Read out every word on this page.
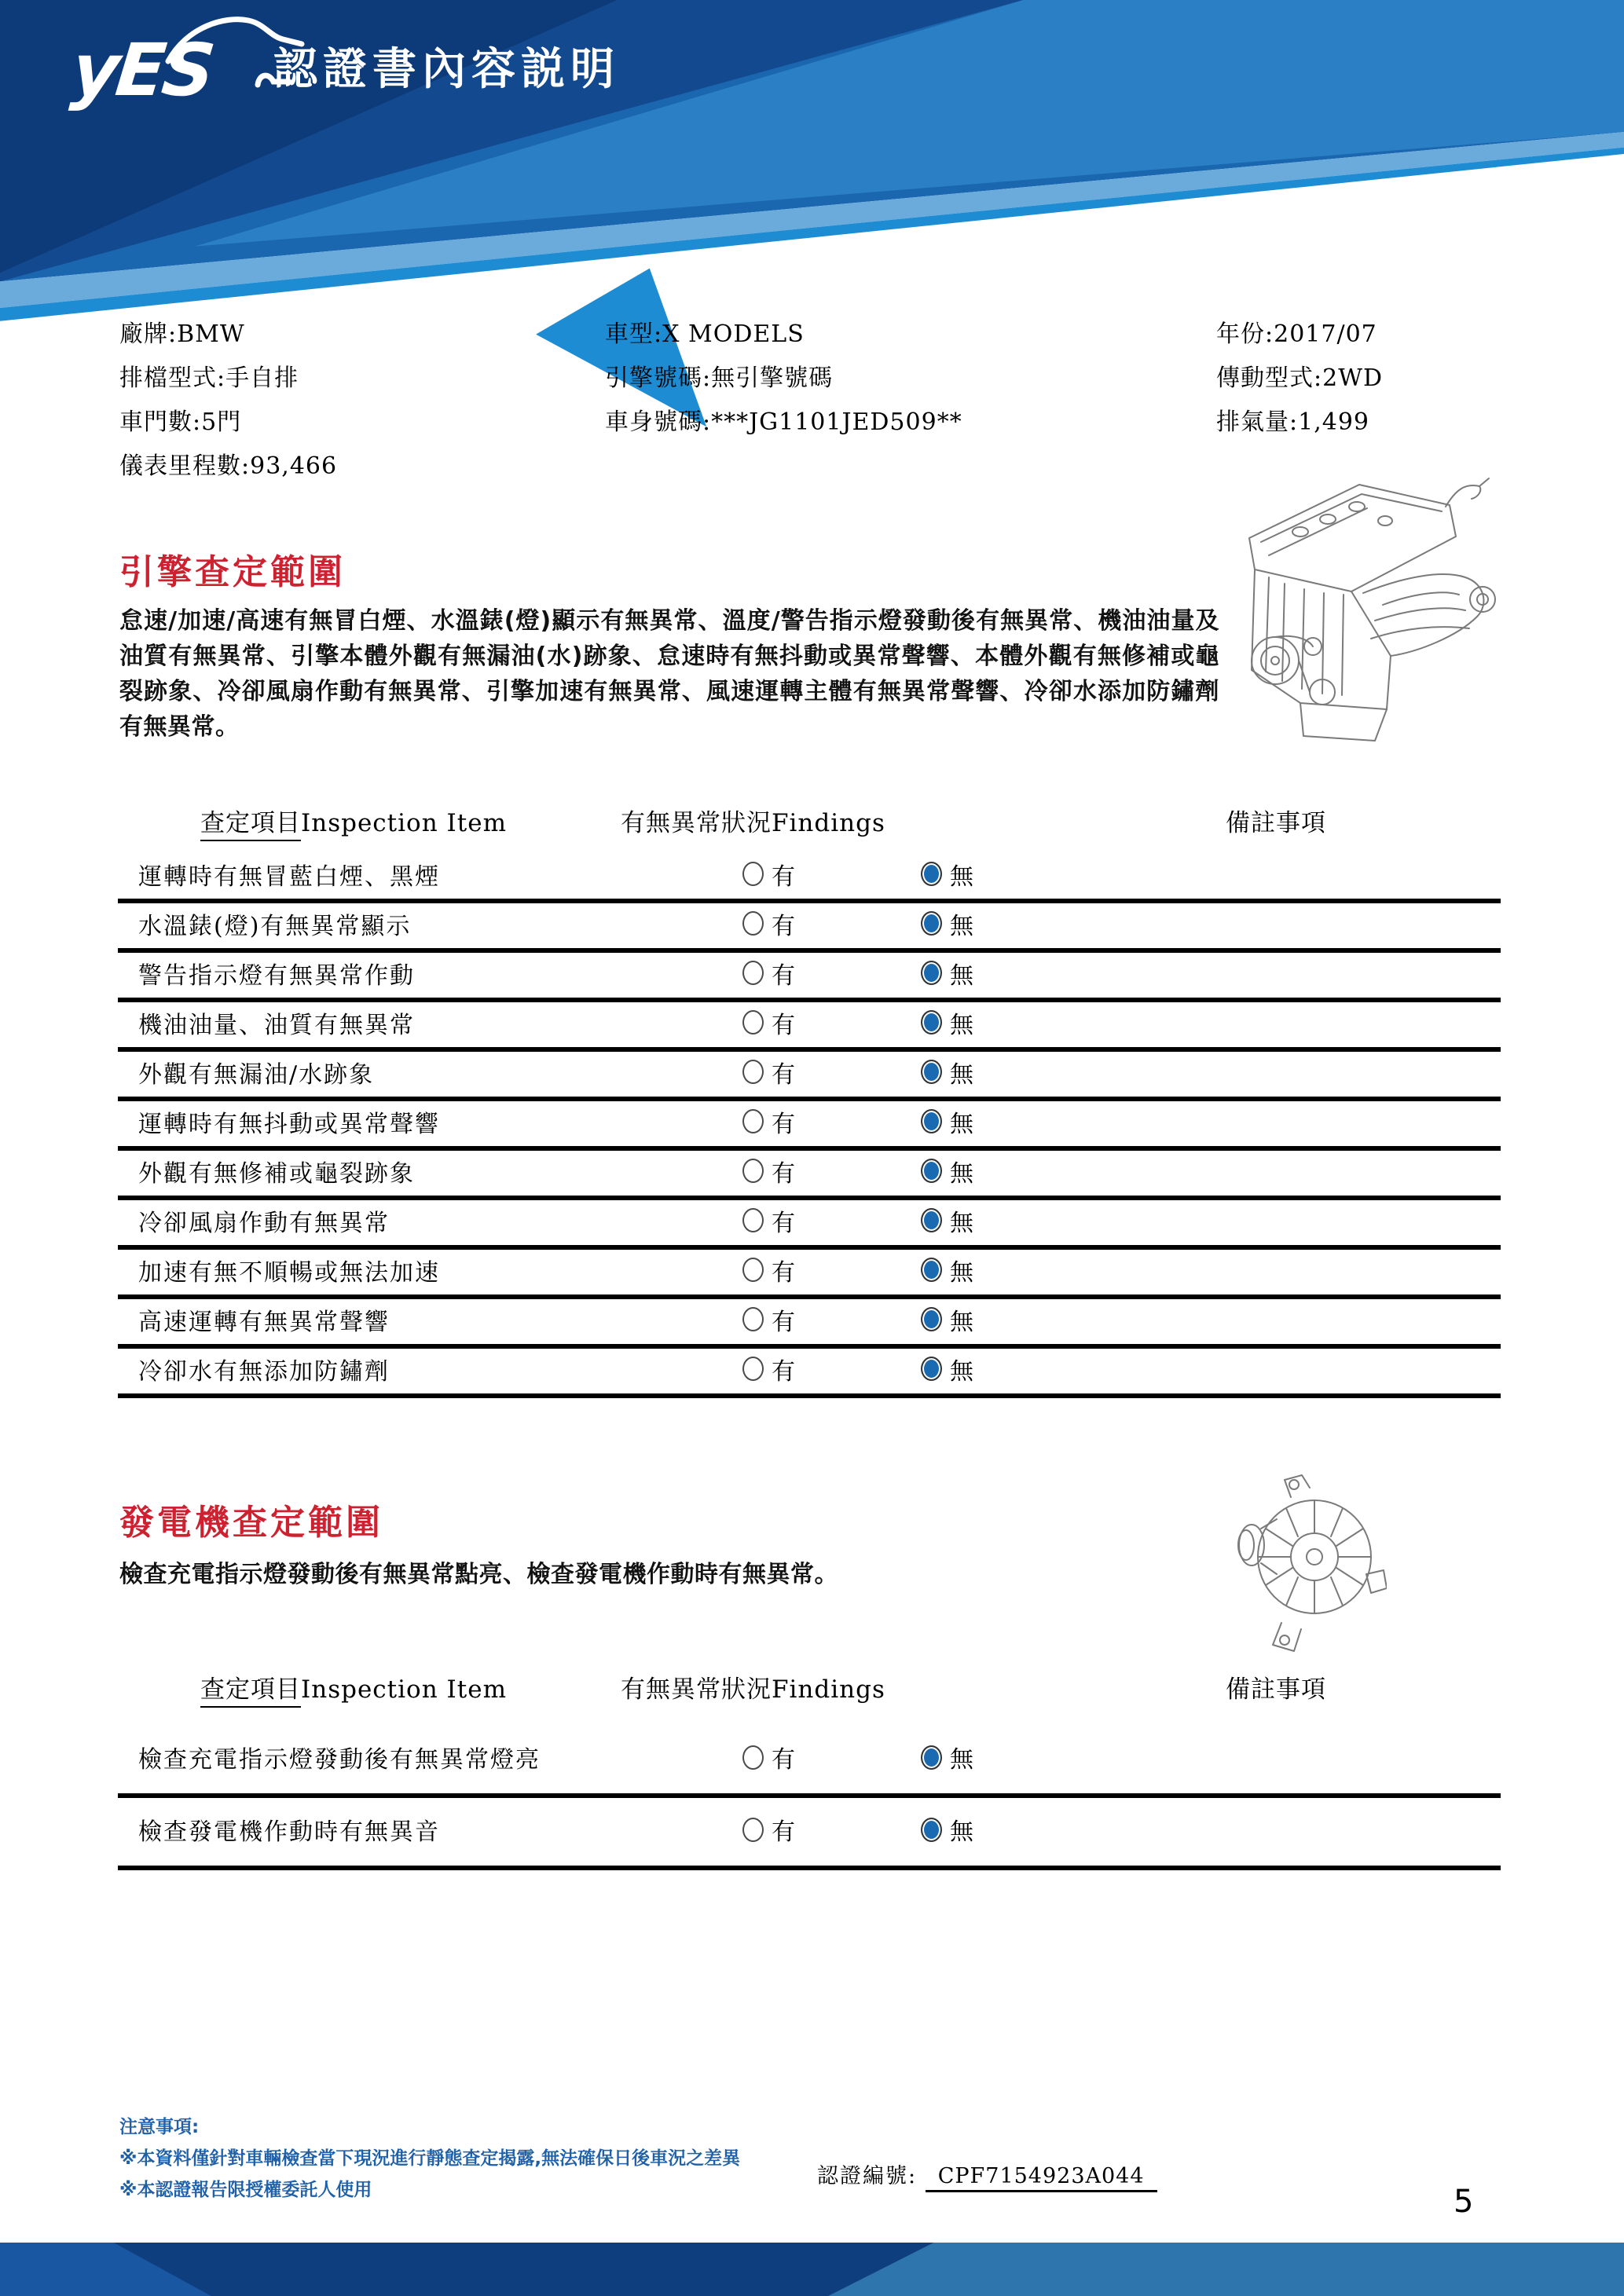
yES 認證書內容説明
廠牌:BMW
排檔型式:手自排
車門數:5門
儀表里程數:93,466
車型:X MODELS
引擎號碼:無引擎號碼
車身號碼:***JG1101JED509**
年份:2017/07
傳動型式:2WD
排氣量:1,499
引擎查定範圍
怠速/加速/高速有無冒白煙、水溫錶(燈)顯示有無異常、溫度/警告指示燈發動後有無異常、機油油量及油質有無異常、引擎本體外觀有無漏油(水)跡象、怠速時有無抖動或異常聲響、本體外觀有無修補或龜裂跡象、冷卻風扇作動有無異常、引擎加速有無異常、風速運轉主體有無異常聲響、冷卻水添加防鏽劑有無異常。
查定項目Inspection Item	有無異常狀況Findings	備註事項
運轉時有無冒藍白煙、黑煙	有	無
水溫錶(燈)有無異常顯示	有	無
警告指示燈有無異常作動	有	無
機油油量、油質有無異常	有	無
外觀有無漏油/水跡象	有	無
運轉時有無抖動或異常聲響	有	無
外觀有無修補或龜裂跡象	有	無
冷卻風扇作動有無異常	有	無
加速有無不順暢或無法加速	有	無
高速運轉有無異常聲響	有	無
冷卻水有無添加防鏽劑	有	無
發電機查定範圍
檢查充電指示燈發動後有無異常點亮、檢查發電機作動時有無異常。
查定項目Inspection Item	有無異常狀況Findings	備註事項
檢查充電指示燈發動後有無異常燈亮	有	無
檢查發電機作動時有無異音	有	無
注意事項:
※本資料僅針對車輛檢查當下現況進行靜態查定揭露,無法確保日後車況之差異
※本認證報告限授權委託人使用
認證編號: CPF7154923A044
5
